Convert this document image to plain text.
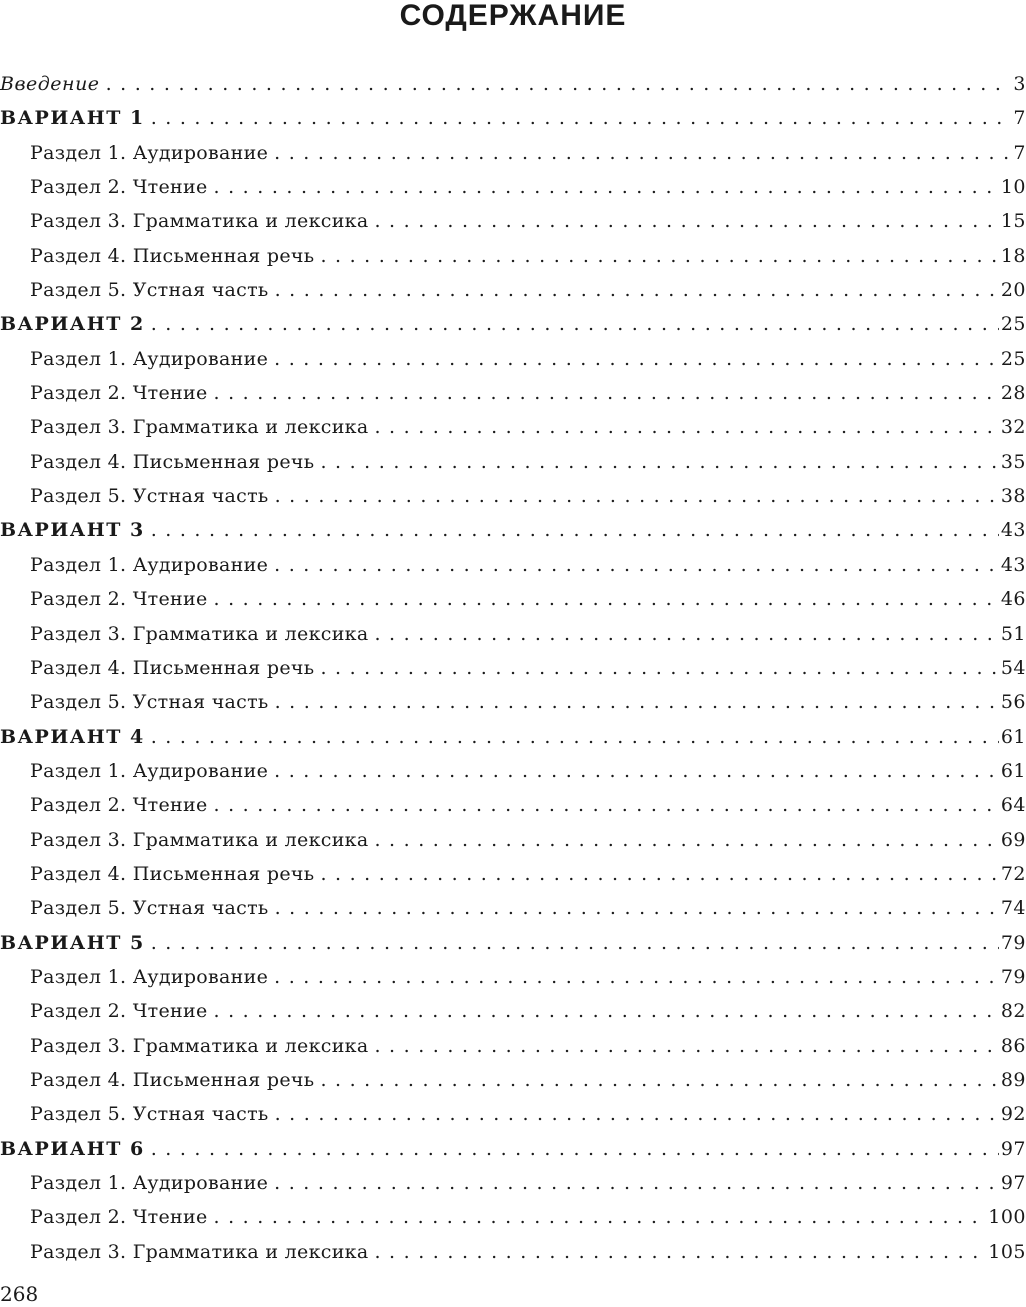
СОДЕРЖАНИЕ
Введение . . .	3
ВАРИАНТ 1 . . .	7
Раздел 1. Аудирование . . .	7
Раздел 2. Чтение . . .	10
Раздел 3. Грамматика и лексика . . .	15
Раздел 4. Письменная речь . . .	18
Раздел 5. Устная часть . . .	20
ВАРИАНТ 2 . . .	25
Раздел 1. Аудирование . . .	25
Раздел 2. Чтение . . .	28
Раздел 3. Грамматика и лексика . . .	32
Раздел 4. Письменная речь . . .	35
Раздел 5. Устная часть . . .	38
ВАРИАНТ 3 . . .	43
Раздел 1. Аудирование . . .	43
Раздел 2. Чтение . . .	46
Раздел 3. Грамматика и лексика . . .	51
Раздел 4. Письменная речь . . .	54
Раздел 5. Устная часть . . .	56
ВАРИАНТ 4 . . .	61
Раздел 1. Аудирование . . .	61
Раздел 2. Чтение . . .	64
Раздел 3. Грамматика и лексика . . .	69
Раздел 4. Письменная речь . . .	72
Раздел 5. Устная часть . . .	74
ВАРИАНТ 5 . . .	79
Раздел 1. Аудирование . . .	79
Раздел 2. Чтение . . .	82
Раздел 3. Грамматика и лексика . . .	86
Раздел 4. Письменная речь . . .	89
Раздел 5. Устная часть . . .	92
ВАРИАНТ 6 . . .	97
Раздел 1. Аудирование . . .	97
Раздел 2. Чтение . . .	100
Раздел 3. Грамматика и лексика . . .	105

268
